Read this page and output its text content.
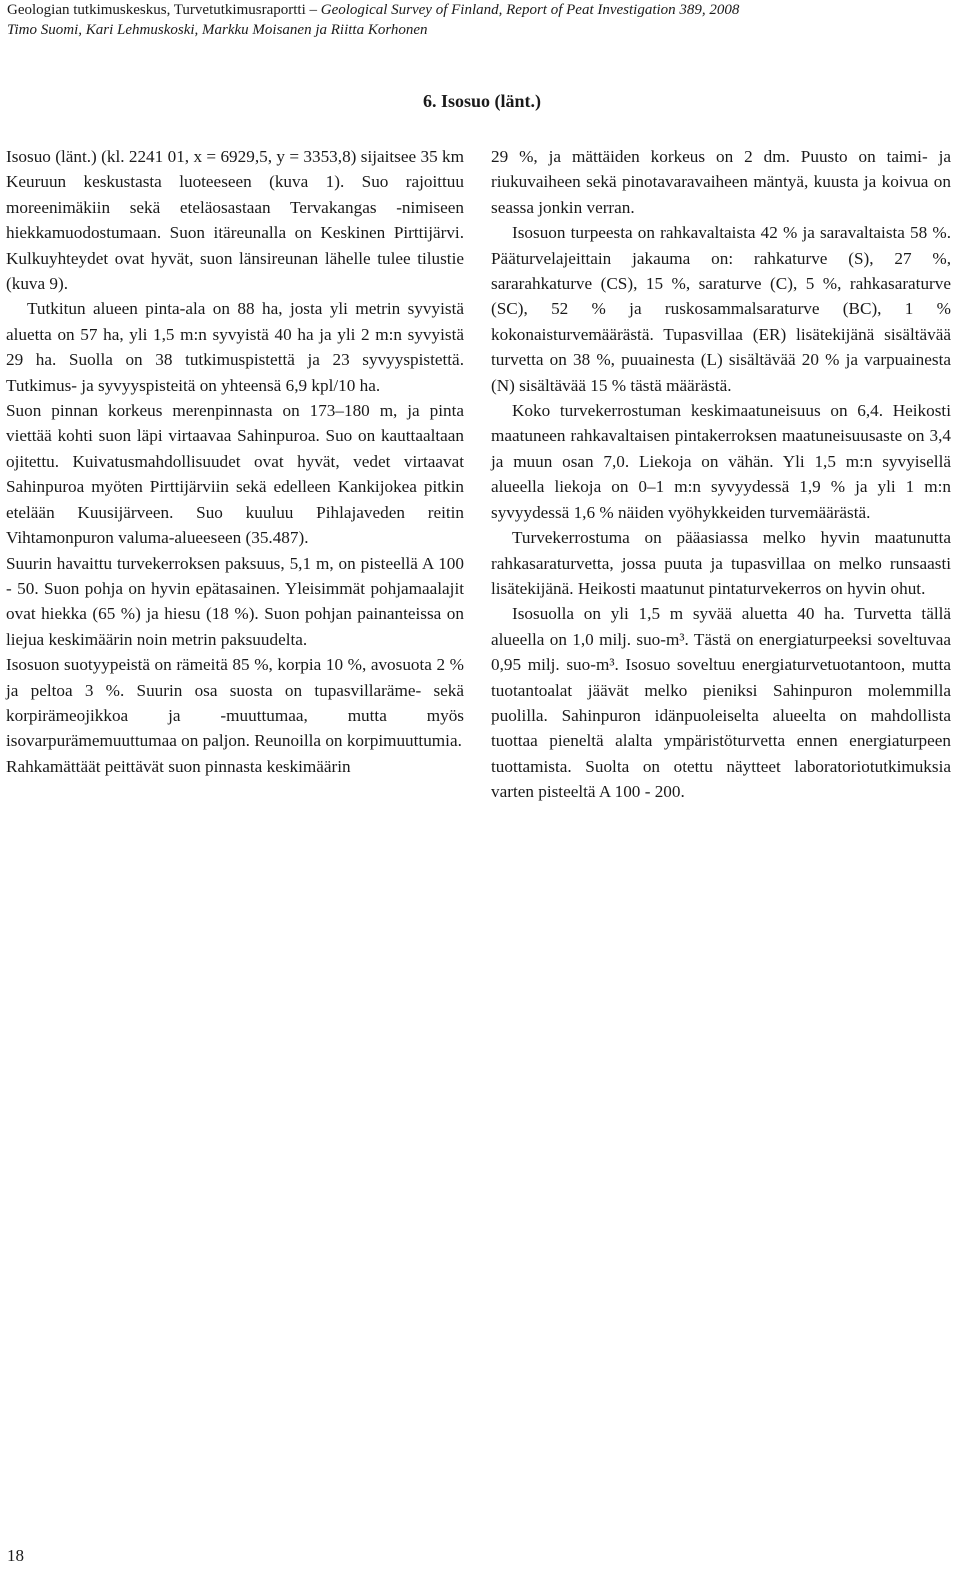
Geologian tutkimuskeskus, Turvetutkimusraportti – Geological Survey of Finland, Report of Peat Investigation 389, 2008
Timo Suomi, Kari Lehmuskoski, Markku Moisanen ja Riitta Korhonen
6. Isosuo (länt.)

Isosuo (länt.) (kl. 2241 01, x = 6929,5, y = 3353,8) sijaitsee 35 km Keuruun keskustasta luoteeseen (kuva 1). Suo rajoittuu moreenimäkiin sekä eteläosastaan Tervakangas -nimiseen hiekkamuodostumaan. Suon itäreunalla on Keskinen Pirttijärvi. Kulkuyhteydet ovat hyvät, suon länsireunan lähelle tulee tilustie (kuva 9).

Tutkitun alueen pinta-ala on 88 ha, josta yli metrin syvyistä aluetta on 57 ha, yli 1,5 m:n syvyistä 40 ha ja yli 2 m:n syvyistä 29 ha. Suolla on 38 tutkimuspistettä ja 23 syvyyspistettä. Tutkimus- ja syvyyspisteitä on yhteensä 6,9 kpl/10 ha.

Suon pinnan korkeus merenpinnasta on 173–180 m, ja pinta viettää kohti suon läpi virtaavaa Sahinpuroa. Suo on kauttaaltaan ojitettu. Kuivatusmahdollisuudet ovat hyvät, vedet virtaavat Sahinpuroa myöten Pirttijärviin sekä edelleen Kankijokea pitkin etelään Kuusijärveen. Suo kuuluu Pihlajaveden reitin Vihtamonpuron valuma-alueeseen (35.487).

Suurin havaittu turvekerroksen paksuus, 5,1 m, on pisteellä A 100 - 50. Suon pohja on hyvin epätasainen. Yleisimmät pohjamaalajit ovat hiekka (65 %) ja hiesu (18 %). Suon pohjan painanteissa on liejua keskimäärin noin metrin paksuudelta.

Isosuon suotyypeistä on rämeitä 85 %, korpia 10 %, avosuota 2 % ja peltoa 3 %. Suurin osa suosta on tupasvillaräme- sekä korpirämeojikkoa ja -muuttumaa, mutta myös isovarpurämemuuttumaa on paljon. Reunoilla on korpimuuttumia.

Rahkamättäät peittävät suon pinnasta keskimäärin

29 %, ja mättäiden korkeus on 2 dm. Puusto on taimi- ja riukuvaiheen sekä pinotavaravaiheen mäntyä, kuusta ja koivua on seassa jonkin verran.

Isosuon turpeesta on rahkavaltaista 42 % ja saravaltaista 58 %. Pääturvelajeittain jakauma on: rahkaturve (S), 27 %, sararahkaturve (CS), 15 %, saraturve (C), 5 %, rahkasaraturve (SC), 52 % ja ruskosammalsaraturve (BC), 1 % kokonaisturvemäärästä. Tupasvillaa (ER) lisätekijänä sisältävää turvetta on 38 %, puuainesta (L) sisältävää 20 % ja varpuainesta (N) sisältävää 15 % tästä määrästä.

Koko turvekerrostuman keskimaatuneisuus on 6,4. Heikosti maatuneen rahkavaltaisen pintakerroksen maatuneisuusaste on 3,4 ja muun osan 7,0. Liekoja on vähän. Yli 1,5 m:n syvyisellä alueella liekoja on 0–1 m:n syvyydessä 1,9 % ja yli 1 m:n syvyydessä 1,6 % näiden vyöhykkeiden turvemäärästä.

Turvekerrostuma on pääasiassa melko hyvin maatunutta rahkasaraturvetta, jossa puuta ja tupasvillaa on melko runsaasti lisätekijänä. Heikosti maatunut pintaturvekerros on hyvin ohut.

Isosuolla on yli 1,5 m syvää aluetta 40 ha. Turvetta tällä alueella on 1,0 milj. suo-m³. Tästä on energiaturpeeksi soveltuvaa 0,95 milj. suo-m³. Isosuo soveltuu energiaturvetuotantoon, mutta tuotantoalat jäävät melko pieniksi Sahinpuron molemmilla puolilla. Sahinpuron idänpuoleiselta alueelta on mahdollista tuottaa pieneltä alalta ympäristöturvetta ennen energiaturpeen tuottamista. Suolta on otettu näytteet laboratoriotutkimuksia varten pisteeltä A 100 - 200.

18
